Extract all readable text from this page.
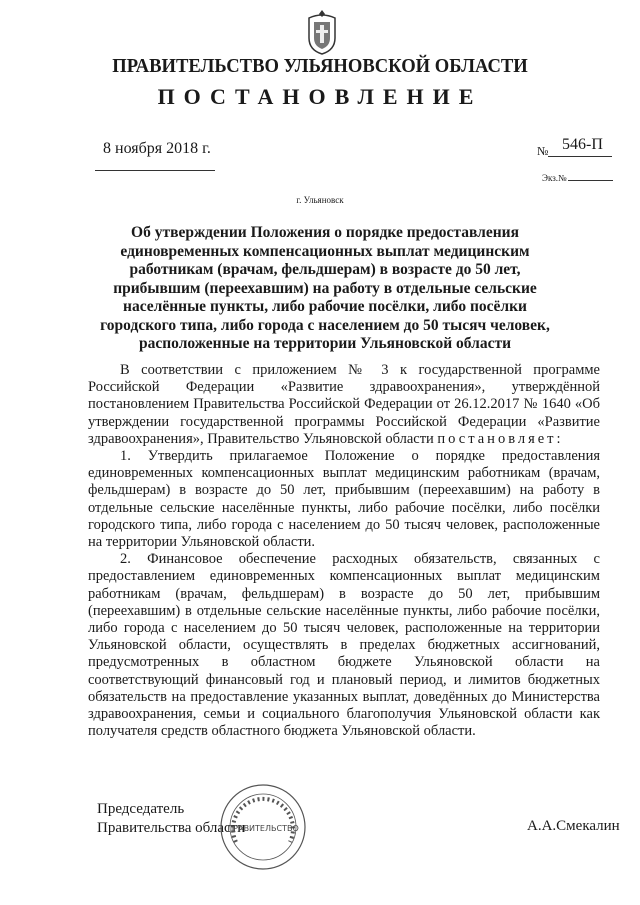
ПРАВИТЕЛЬСТВО УЛЬЯНОВСКОЙ ОБЛАСТИ
ПОСТАНОВЛЕНИЕ
8 ноября 2018 г.	№ 546-П
Экз.№
г. Ульяновск
Об утверждении Положения о порядке предоставления единовременных компенсационных выплат медицинским работникам (врачам, фельдшерам) в возрасте до 50 лет, прибывшим (переехавшим) на работу в отдельные сельские населённые пункты, либо рабочие посёлки, либо посёлки городского типа, либо города с населением до 50 тысяч человек, расположенные на территории Ульяновской области

В соответствии с приложением № 3 к государственной программе Российской Федерации «Развитие здравоохранения», утверждённой постановлением Правительства Российской Федерации от 26.12.2017 № 1640 «Об утверждении государственной программы Российской Федерации «Развитие здравоохранения», Правительство Ульяновской области постановляет:

1. Утвердить прилагаемое Положение о порядке предоставления единовременных компенсационных выплат медицинским работникам (врачам, фельдшерам) в возрасте до 50 лет, прибывшим (переехавшим) на работу в отдельные сельские населённые пункты, либо рабочие посёлки, либо посёлки городского типа, либо города с населением до 50 тысяч человек, расположенные на территории Ульяновской области.

2. Финансовое обеспечение расходных обязательств, связанных с предоставлением единовременных компенсационных выплат медицинским работникам (врачам, фельдшерам) в возрасте до 50 лет, прибывшим (переехавшим) в отдельные сельские населённые пункты, либо рабочие посёлки, либо города с населением до 50 тысяч человек, расположенные на территории Ульяновской области, осуществлять в пределах бюджетных ассигнований, предусмотренных в областном бюджете Ульяновской области на соответствующий финансовый год и плановый период, и лимитов бюджетных обязательств на предоставление указанных выплат, доведённых до Министерства здравоохранения, семьи и социального благополучия Ульяновской области как получателя средств областного бюджета Ульяновской области.

Председатель
Правительства области
ПРАВИТЕЛЬСТВО	А.А.Смекалин
